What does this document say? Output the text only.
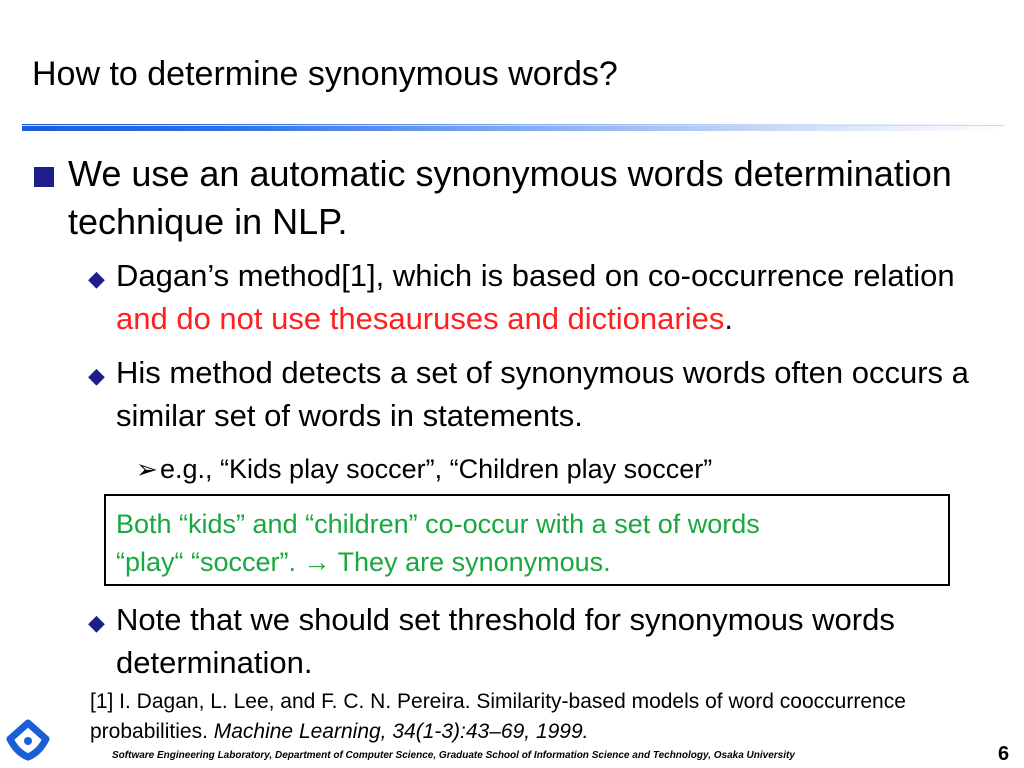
How to determine synonymous words?
We use an automatic synonymous words determination technique in NLP.
◆ Dagan’s method[1], which is based on co-occurrence relation and do not use thesauruses and dictionaries.
◆ His method detects a set of synonymous words often occurs a similar set of words in statements.
➢ e.g., “Kids play soccer”, “Children play soccer”
Both “kids” and “children” co-occur with a set of words
“play“ “soccer”. → They are synonymous.
◆ Note that we should set threshold for synonymous words determination.
[1] I. Dagan, L. Lee, and F. C. N. Pereira. Similarity-based models of word cooccurrence probabilities. Machine Learning, 34(1-3):43–69, 1999.
Software Engineering Laboratory, Department of Computer Science, Graduate School of Information Science and Technology, Osaka University	6
